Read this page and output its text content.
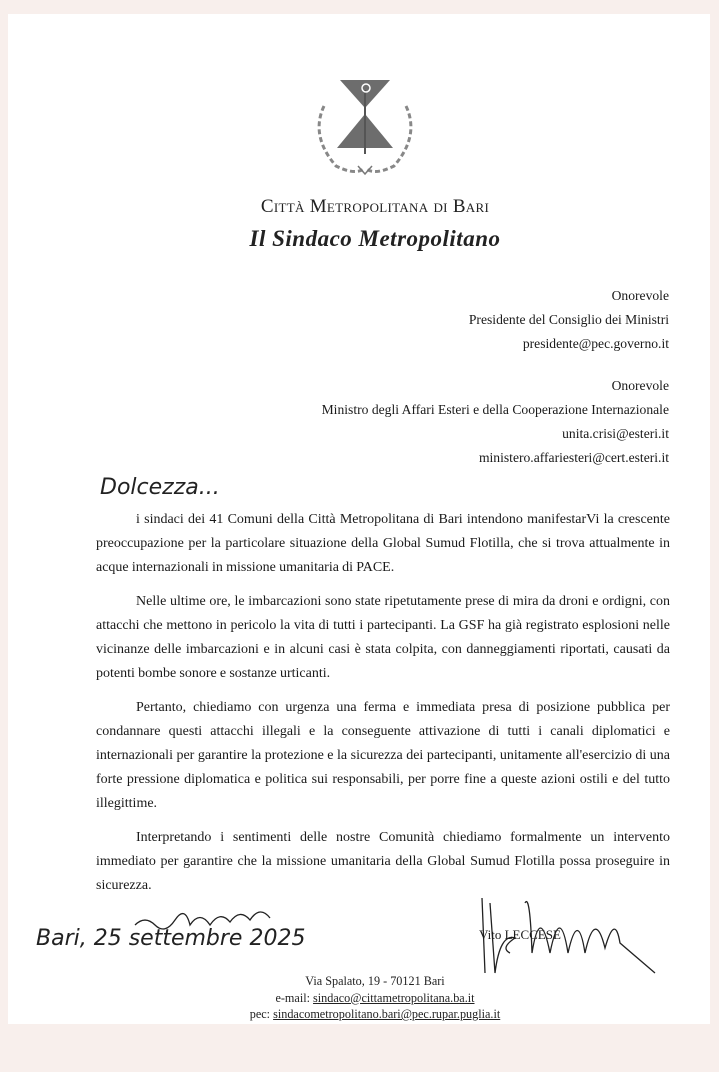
Città Metropolitana di Bari
Il Sindaco Metropolitano
Onorevole
Presidente del Consiglio dei Ministri
presidente@pec.governo.it
Onorevole
Ministro degli Affari Esteri e della Cooperazione Internazionale
unita.crisi@esteri.it
ministero.affariesteri@cert.esteri.it
Dolcezza...

i sindaci dei 41 Comuni della Città Metropolitana di Bari intendono manifestarVi la crescente preoccupazione per la particolare situazione della Global Sumud Flotilla, che si trova attualmente in acque internazionali in missione umanitaria di PACE.

Nelle ultime ore, le imbarcazioni sono state ripetutamente prese di mira da droni e ordigni, con attacchi che mettono in pericolo la vita di tutti i partecipanti. La GSF ha già registrato esplosioni nelle vicinanze delle imbarcazioni e in alcuni casi è stata colpita, con danneggiamenti riportati, causati da potenti bombe sonore e sostanze urticanti.

Pertanto, chiediamo con urgenza una ferma e immediata presa di posizione pubblica per condannare questi attacchi illegali e la conseguente attivazione di tutti i canali diplomatici e internazionali per garantire la protezione e la sicurezza dei partecipanti, unitamente all'esercizio di una forte pressione diplomatica e politica sui responsabili, per porre fine a queste azioni ostili e del tutto illegittime.

Interpretando i sentimenti delle nostre Comunità chiediamo formalmente un intervento immediato per garantire che la missione umanitaria della Global Sumud Flotilla possa proseguire in sicurezza.

Bari, 25 settembre 2025	Vito LECCESE
Via Spalato, 19 - 70121 Bari
e-mail: sindaco@cittametropolitana.ba.it
pec: sindacometropolitano.bari@pec.rupar.puglia.it
